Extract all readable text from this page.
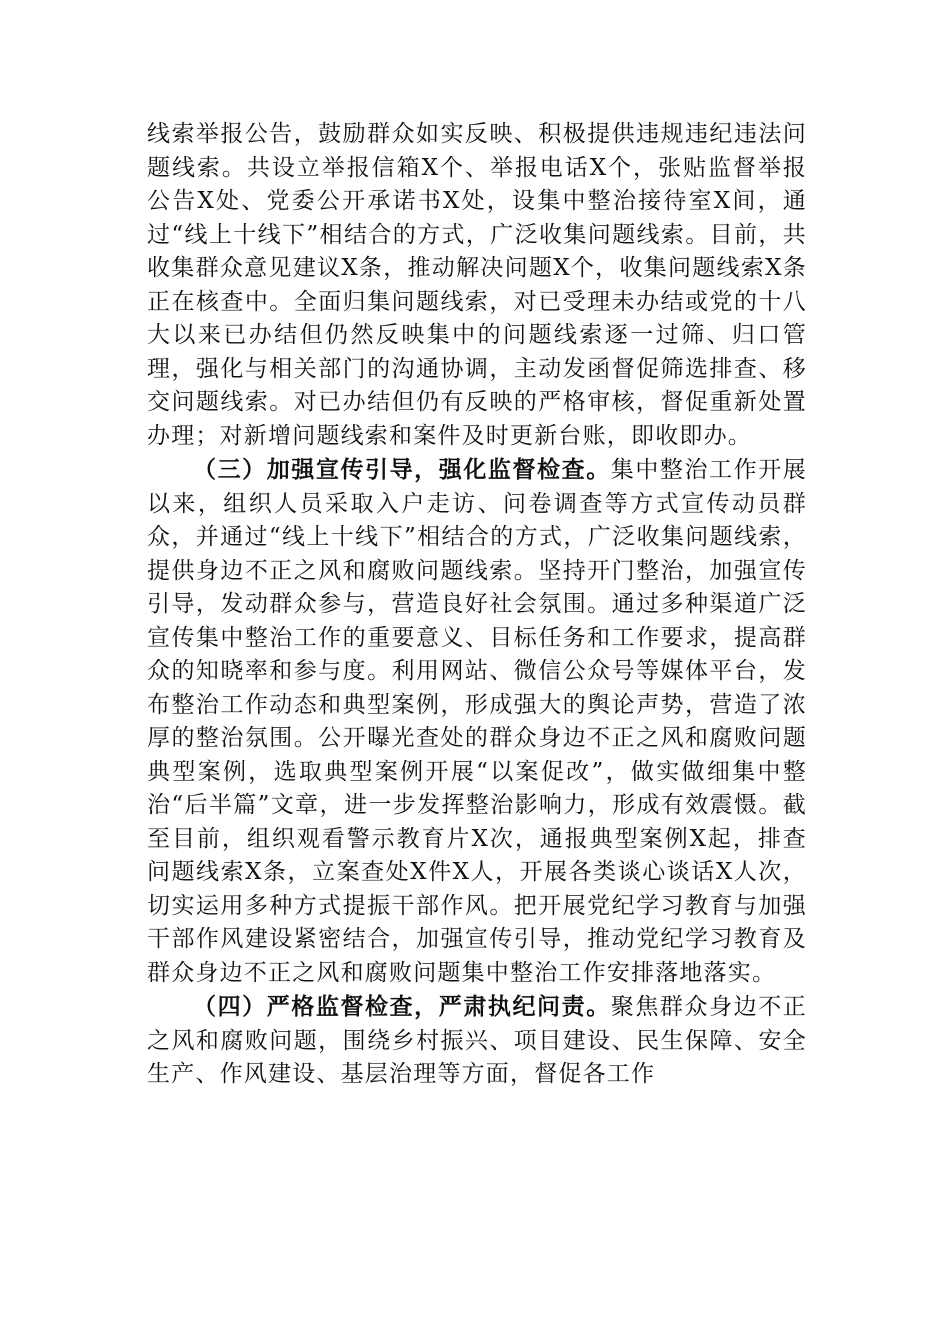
线索举报公告，鼓励群众如实反映、积极提供违规违纪违法问题线索。共设立举报信箱X个、举报电话X个，张贴监督举报公告X处、党委公开承诺书X处，设集中整治接待室X间，通过“线上十线下”相结合的方式，广泛收集问题线索。目前，共收集群众意见建议X条，推动解决问题X个，收集问题线索X条正在核查中。全面归集问题线索，对已受理未办结或党的十八大以来已办结但仍然反映集中的问题线索逐一过筛、归口管理，强化与相关部门的沟通协调，主动发函督促筛选排查、移交问题线索。对已办结但仍有反映的严格审核，督促重新处置办理；对新增问题线索和案件及时更新台账，即收即办。

（三）加强宣传引导，强化监督检查。集中整治工作开展以来，组织人员采取入户走访、问卷调查等方式宣传动员群众，并通过“线上十线下”相结合的方式，广泛收集问题线索，提供身边不正之风和腐败问题线索。坚持开门整治，加强宣传引导，发动群众参与，营造良好社会氛围。通过多种渠道广泛宣传集中整治工作的重要意义、目标任务和工作要求，提高群众的知晓率和参与度。利用网站、微信公众号等媒体平台，发布整治工作动态和典型案例，形成强大的舆论声势，营造了浓厚的整治氛围。公开曝光查处的群众身边不正之风和腐败问题典型案例，选取典型案例开展“以案促改”，做实做细集中整治“后半篇”文章，进一步发挥整治影响力，形成有效震慑。截至目前，组织观看警示教育片X次，通报典型案例X起，排查问题线索X条，立案查处X件X人，开展各类谈心谈话X人次，切实运用多种方式提振干部作风。把开展党纪学习教育与加强干部作风建设紧密结合，加强宣传引导，推动党纪学习教育及群众身边不正之风和腐败问题集中整治工作安排落地落实。

（四）严格监督检查，严肃执纪问责。聚焦群众身边不正之风和腐败问题，围绕乡村振兴、项目建设、民生保障、安全生产、作风建设、基层治理等方面，督促各工作
